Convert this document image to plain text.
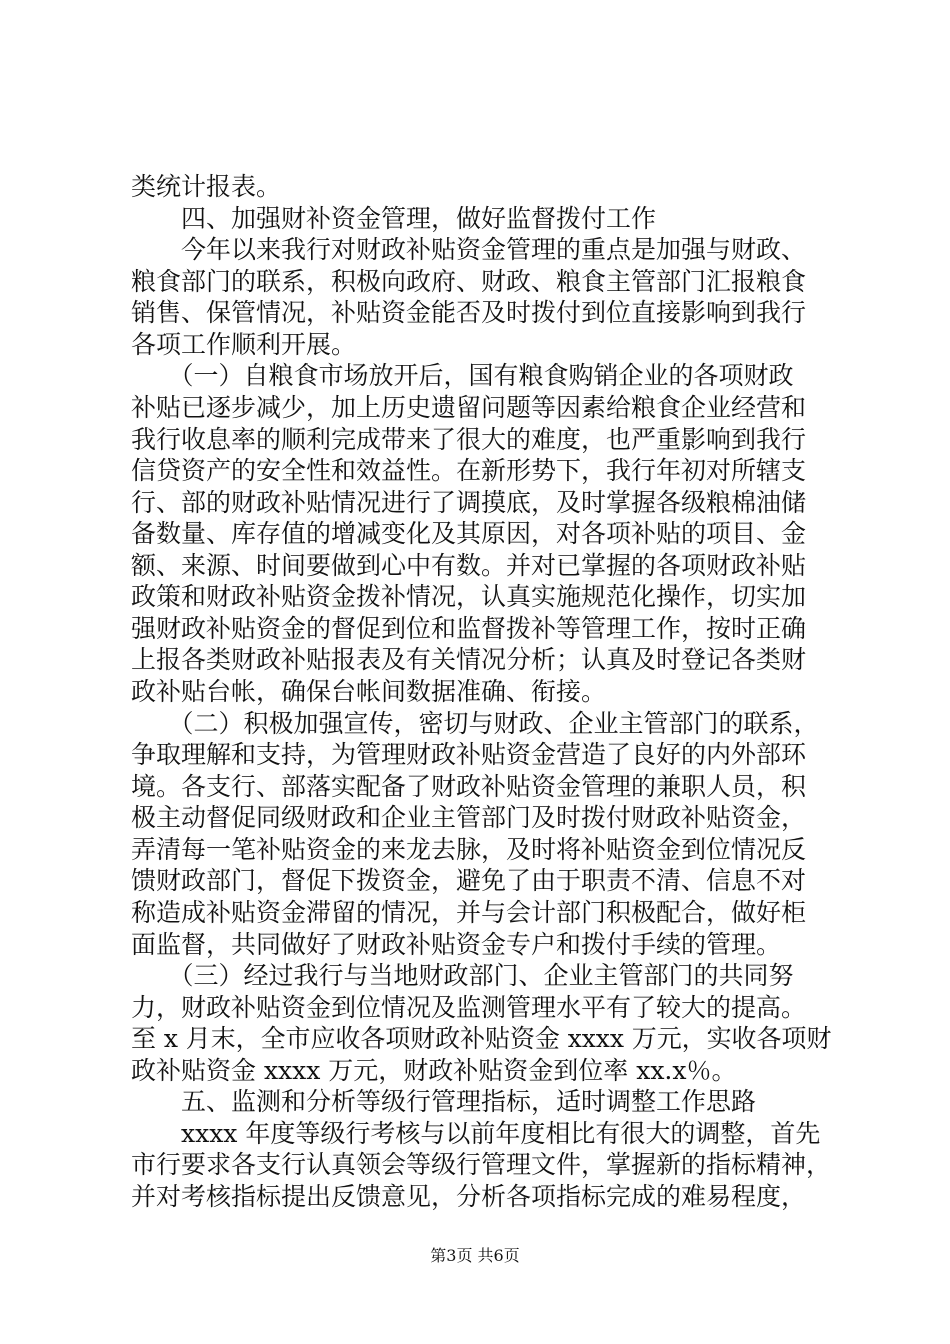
类统计报表。
　　四、加强财补资金管理，做好监督拨付工作
　　今年以来我行对财政补贴资金管理的重点是加强与财政、
粮食部门的联系，积极向政府、财政、粮食主管部门汇报粮食
销售、保管情况，补贴资金能否及时拨付到位直接影响到我行
各项工作顺利开展。
　　（一）自粮食市场放开后，国有粮食购销企业的各项财政
补贴已逐步减少，加上历史遗留问题等因素给粮食企业经营和
我行收息率的顺利完成带来了很大的难度，也严重影响到我行
信贷资产的安全性和效益性。在新形势下，我行年初对所辖支
行、部的财政补贴情况进行了调摸底，及时掌握各级粮棉油储
备数量、库存值的增减变化及其原因，对各项补贴的项目、金
额、来源、时间要做到心中有数。并对已掌握的各项财政补贴
政策和财政补贴资金拨补情况，认真实施规范化操作，切实加
强财政补贴资金的督促到位和监督拨补等管理工作，按时正确
上报各类财政补贴报表及有关情况分析；认真及时登记各类财
政补贴台帐，确保台帐间数据准确、衔接。
　　（二）积极加强宣传，密切与财政、企业主管部门的联系，
争取理解和支持，为管理财政补贴资金营造了良好的内外部环
境。各支行、部落实配备了财政补贴资金管理的兼职人员，积
极主动督促同级财政和企业主管部门及时拨付财政补贴资金，
弄清每一笔补贴资金的来龙去脉，及时将补贴资金到位情况反
馈财政部门，督促下拨资金，避免了由于职责不清、信息不对
称造成补贴资金滞留的情况，并与会计部门积极配合，做好柜
面监督，共同做好了财政补贴资金专户和拨付手续的管理。
　　（三）经过我行与当地财政部门、企业主管部门的共同努
力，财政补贴资金到位情况及监测管理水平有了较大的提高。
至 x 月末，全市应收各项财政补贴资金 xxxx 万元，实收各项财
政补贴资金 xxxx 万元，财政补贴资金到位率 xx.x％。
　　五、监测和分析等级行管理指标，适时调整工作思路
　　xxxx 年度等级行考核与以前年度相比有很大的调整，首先
市行要求各支行认真领会等级行管理文件，掌握新的指标精神，
并对考核指标提出反馈意见，分析各项指标完成的难易程度，
第3页 共6页
